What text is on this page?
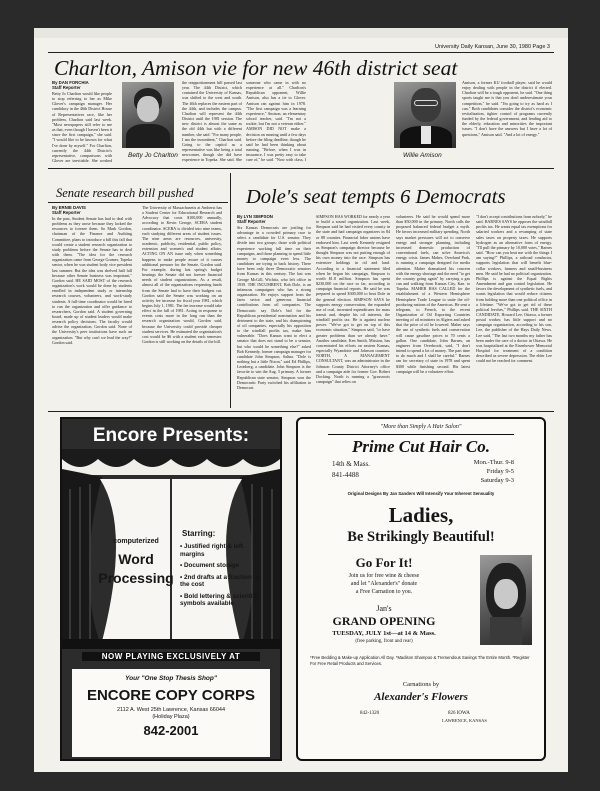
University Daily Kansan, June 30, 1980 Page 3
Charlton, Amison vie for new 46th district seat
By DAN FORCHIA
Staff Reporter
Betty Jo Charlton would like people to stop referring to her as Mike Glover's campaign manager. Her candidacy in the 46th District House of Representatives race, like her problem, Charlton said last week. "Most newspapers still refer to me as that, even though I haven't been it since the first campaign," she said. "I would like to be known for what I've done by myself." For Charlton, currently the 44th District's representative, comparisons with Glover are inevitable. She worked
Betty Jo Charlton
the reapportionment bill passed last year. The 44th District, which contained the University of Kansas, was shifted to the west and south. The 46th replaces the eastern part of the 44th, and includes the campus. Charlton will represent the 44th District until the 1981 session. The new district is almost the same as the old 44th but with a different number, she said. "For many people, I am the incumbent," Charlton said. Going to the capitol as a representative was like being a total newcomer, though she did have experience in Topeka. She said. She
someone who came in with no experience at all." Charlton's Republican opponent, Willie Amison, also has a tie to Glover. Amison ran against him in 1978. "The first campaign was a learning experience," Amison, an elementary school teacher, said. "I'm not a rookie, but I'm not a veteran either." AMISON DID NOT make a decision on running until a few days before the filing deadline, though he said he had been thinking about running. "Before, when I was in insurance, I was pretty easy to take care of," he said. "Now with class, I
Willie Amison
Amison, a former KU football player, said he would enjoy dealing with people in the district if elected. Charlton will be a tough opponent, he said. "One thing sports taught me is that you don't underestimate your competition," he said. "I'm going to try as hard as I can." Both candidates consider the district's economic revitalization, tighter control of programs currently funded by the federal government, and lending aid to the elderly, education and minorities the important issues. "I don't have the answers but I have a lot of questions," Amison said. "And a lot of energy."
Senate research bill pushed
By ERNIE DAVIS
Staff Reporter
In the past, Student Senate has had to deal with problems as they arose because they lacked the resources to foresee them. So Mark Gordon, chairman of the Finance and Auditing Committee, plans to introduce a bill this fall that would create a student research organization to study problems before the Senate has to deal with them. "The idea for the research organization came from George Gramer, Topeka senior, when he was student body vice president last summer. But the idea was shelved half fall because other Senate business was important," Gordon said. HE SAID MOST of the research organization's work would be done by students enrolled in independent study or internship research courses, volunteers, and work-study students. A full-time coordinator would be hired to run the organization and offer guidance to researchers, Gordon said. A student governing board, made up of student leaders would make research policy decisions. The faculty would advise the organization, Gordon said. None of the University's peer institutions have such an organization. "But why can't we lead the way?" Gordon said.
The University of Massachusetts at Amherst has a Student Center for Educational Research and Advocacy that costs $100,000 annually, according to Kevin Geroge, SCERA student coordinator. SCERA is divided into nine teams, each studying different areas of student issues. The nine areas are resources, university, academic, publicity, residential, public policy, extension and women's and student affairs. ACTING ON AN issue only when something happens to make people aware of it causes additional pressure for the Senate, Gordon said. For example, during last spring's budget hearings the Senate did not foresee financial needs of student organizations. As a result, almost all of the organizations requesting funds from the Senate had to have their budgets cut. Gordon said the Senate was working on an activity fee increase for fiscal year 1981, which begins July 1, 1981. The fee increase would take effect in the fall of 1981. Acting in response to events costs more in the long run than the research organization would, Gordon said, because the University could provide cheaper student services. He estimated the organization's cost would be $6 with a student each semester. Gordon is still working on the details of the bill.
Dole's seat tempts 6 Democrats
By LYN SIMPSON
Staff Reporter
Six Kansas Democrats are jostling for advantage in a crowded primary race to select a candidate for U.S. senator. They divide into two groups: those with political experience working full time on their campaigns, and those planning to spend little money to campaign even less. The candidates are trying to back history. There have been only three Democratic senators from Kansas in this century. The last was George McGill, Wichita, who left office in 1939. THE INCUMBENT, Bob Dole, is an infamous campaigner who has a strong organization. He enjoys support from the farm sector and generous financial contributions from oil companies. The Democratic say Dole's bid for the Republican presidential nomination and his detriment to the state, and his championing of oil companies, especially his opposition to the windfall profits tax, make him vulnerable. "Does Kansas want to elect a senator that does not stand to be a senator, but who would be something else?" asked Bob Kennedy, former campaign manager for candidate John Simpson, Salina. "Dole is nothing but a little Nixon," said Ed Phillips, Leonberg, a candidate. John Simpson is the favorite to win the Aug. 5 primary. A former Republican state senator, Simpson won the Democratic Party switched his affiliation to Democrat.
SIMPSON HAS WORKED for nearly a year to build a sound organization. Last week, Simpson said he had visited every county in the state and had campaign organizers in 84 or 88 counties. Financial labor unions have endorsed him. Last week Kennedy resigned as Simpson's campaign director because he thought Simpson was not putting enough of his own money into the race. Simpson has extensive holdings in oil and land. According to a financial statement filed when he began his campaign, Simpson is worth $1.8 million. Simpson has spent $230,000 on the race so far, according to campaign financial reports. He said he was prepared to spend $300,000 to beat Dole in the general election. SIMPSON SAYS he supports energy conservation, the expanded use of coal, increased expenditures for mass transit and, despite his oil interests, the windfall profits tax. He is against nuclear power. "We've got to get on top of this economic situation," Simpson said, "or have greater problems than we already have." Another candidate, Ken Smith, Mission, has concentrated his efforts on eastern Kansas, especially Wyandotte and Johnson counties. NORTH, A MANAGEMENT CONSULTANT, was an administrator in the Johnson County District Attorney's office and a campaign aide for former Gov. Robert Docking. North is running a "grassroots campaign" that relies on
volunteers. He said he would spend more than $50,000 in the primary. North calls the proposed balanced federal budget a myth. He favors increased military spending. North says market pressures will act to conserve energy and stronger planning, including increased domestic production of conventional fuels, can solve America's energy crisis. James Maher, Overland Park, is running a campaign designed for media attention. Maher dramatized his concern with the energy shortage and the need "to get the country going again" by carrying a gas can and walking from Kansas City, Kan. to Topeka. MAHER HAS CALLED for the establishment of a Western Hemisphere Hemisphere Trade League to unite the oil-producing nations of the Americas. He sent a telegram, to French, to the recent Organization of Oil Exporting Countries meeting of oil ministers in Algiers and asked that the price of oil be lowered. Maher says the use of synthetic fuels and conservation will cause gasoline prices to 70 cents a gallon. One candidate, John Barnes, an engineer from Overbrook, said, "I don't intend to spend a lot of money. The part time to do much and I shall be careful." Barnes ran for secretary of state in 1978 and spent $300 while finishing second. His latest campaign will be a volunteer effort.
"I don't accept contributions from nobody," he said. BARNES SAYS he opposes the windfall profits tax. He wants equal tax exemptions for salaried workers and a revamping of state sales taxes on property taxes. He supports hydrogen as an alternative form of energy. "I'll pull the primary by 10,000 votes," Barnes said. "How can you beat me with the things I am saying?" Phillips, a railroad conductor, supports legislation that will benefit blue-collar workers, farmers and small-business men. He said he had no political organization. Phillips is against the Equal Rights Amendment and gun control legislation. He favors the development of synthetic fuels, and wants legislation that would reduce citizens from holding more than one political office in a lifetime. "We've got to get rid of these political leeches," Phillips said. THE SIXTH CANDIDATE, Howard Lee, Ottawa, a former postal worker, has little support and no campaign organization, according to his son, Lee, the publisher of the Hays Daily News. Lee said, "The last two months my father has been under the care of a doctor in Ottawa. He was hospitalized at the Eisenhower Memorial Hospital for treatment of a condition described as severe depression. The elder Lee could not be reached for comment.
Encore Presents:
computerized
Word
Processing
Starring:
• Justified right & left margins
• Document storage
• 2nd drafts at a fraction of the cost
• Bold lettering & scientific symbols available
NOW PLAYING EXCLUSIVELY AT
Your "One Stop Thesis Shop"
ENCORE COPY CORPS
2112 A. West 25th Lawrence, Kansas 66044
(Holiday Plaza)
842-2001
"More than Simply A Hair Salon"
Prime Cut Hair Co.
14th & Mass.
841-4488
Mon.-Thur. 9-8
Friday 9-5
Saturday 9-3
Original Designs By Jan Sanders Will Intensify Your Inherent Sensuality
Ladies,
Be Strikingly Beautiful!
Go For It!
Join us for free wine & cheese
and let "Alexander's" donate
a Free Carnation to you.
Jan's
GRAND OPENING
TUESDAY, JULY 1st—at 14 & Mass.
(free parking, front and rear)
*Free Bedding & Make-up Application All Day. *Madison Shampoo & Tremendous Savings The Entire Month. *Register For Free Retail Products and Services.
Carnations by
Alexander's Flowers
842-1320	826 IOWA
LAWRENCE, KANSAS
